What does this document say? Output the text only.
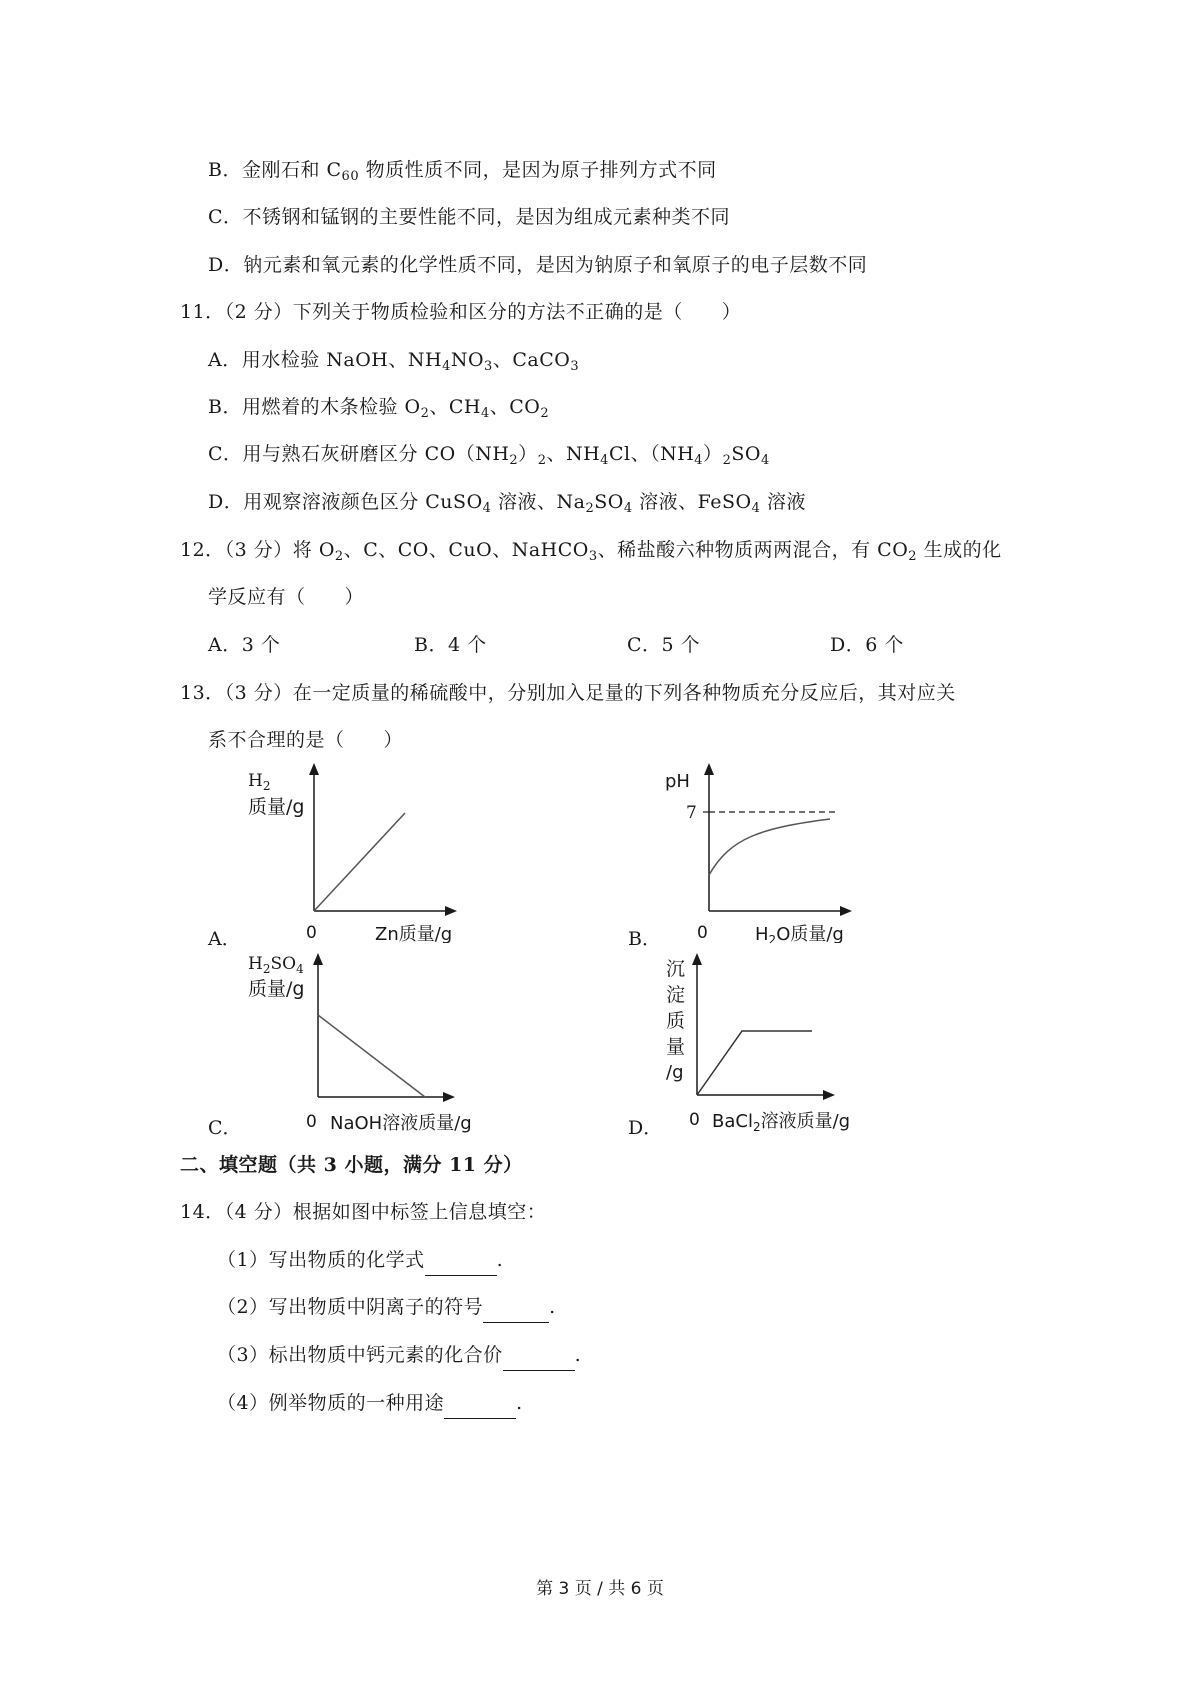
B．金刚石和 $C_{60}$ 物质性质不同，是因为原子排列方式不同
C．不锈钢和锰钢的主要性能不同，是因为组成元素种类不同
D．钠元素和氧元素的化学性质不同，是因为钠原子和氧原子的电子层数不同
11．（2 分）下列关于物质检验和区分的方法不正确的是（　　）
A．用水检验 NaOH、$NH_4NO_3$、CaCO$_3$
B．用燃着的木条检验 $O_2$、$CH_4$、$CO_2$
C．用与熟石灰研磨区分 $CO(NH_2)_2$、$NH_4Cl$、$(NH_4)_2SO_4$
D．用观察溶液颜色区分 CuSO$_4$ 溶液、$Na_2SO_4$ 溶液、FeSO$_4$ 溶液
12．（3 分）将 $O_2$、C、CO、CuO、NaHCO$_3$、稀盐酸六种物质两两混合，有 $CO_2$ 生成的化
学反应有（　　）
A．3 个	B．4 个	C．5 个	D．6 个
13．（3 分）在一定质量的稀硫酸中，分别加入足量的下列各种物质充分反应后，其对应关
系不合理的是（　　）
$H_2$
质量/g
0	Zn质量/g
A．
pH
7
0	$H_2O$质量/g
B．
$H_2SO_4$
质量/g
0 NaOH溶液质量/g
C．
沉
淀
质
量
/g
0 BaCl$_2$溶液质量/g
D．
二、填空题（共 3 小题，满分 11 分）
14．（4 分）根据如图中标签上信息填空：
（1）写出物质的化学式	.
（2）写出物质中阴离子的符号	.
（3）标出物质中钙元素的化合价	.
（4）例举物质的一种用途	.
第 3 页 / 共 6 页
